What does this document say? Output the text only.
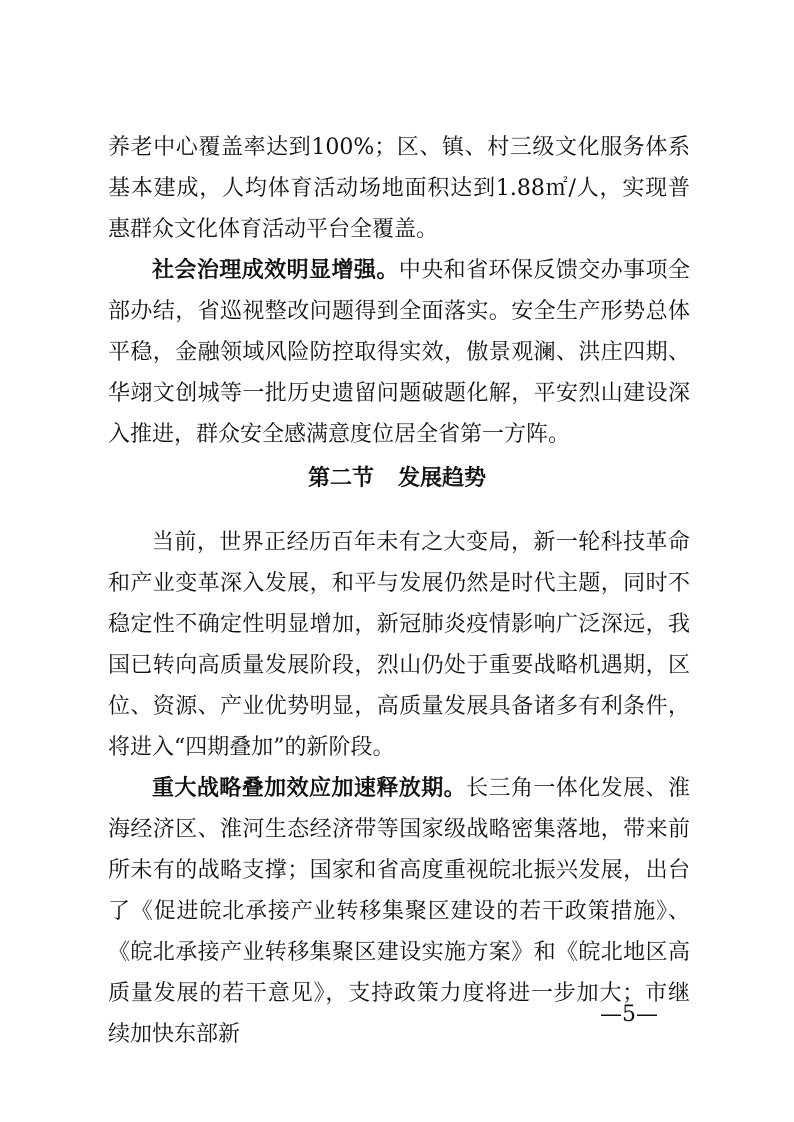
养老中心覆盖率达到100%；区、镇、村三级文化服务体系基本建成，人均体育活动场地面积达到1.88㎡/人，实现普惠群众文化体育活动平台全覆盖。

社会治理成效明显增强。中央和省环保反馈交办事项全部办结，省巡视整改问题得到全面落实。安全生产形势总体平稳，金融领域风险防控取得实效，傲景观澜、洪庄四期、华翊文创城等一批历史遗留问题破题化解，平安烈山建设深入推进，群众安全感满意度位居全省第一方阵。

第二节 发展趋势

当前，世界正经历百年未有之大变局，新一轮科技革命和产业变革深入发展，和平与发展仍然是时代主题，同时不稳定性不确定性明显增加，新冠肺炎疫情影响广泛深远，我国已转向高质量发展阶段，烈山仍处于重要战略机遇期，区位、资源、产业优势明显，高质量发展具备诸多有利条件，将进入“四期叠加”的新阶段。

重大战略叠加效应加速释放期。长三角一体化发展、淮海经济区、淮河生态经济带等国家级战略密集落地，带来前所未有的战略支撑；国家和省高度重视皖北振兴发展，出台了《促进皖北承接产业转移集聚区建设的若干政策措施》、《皖北承接产业转移集聚区建设实施方案》和《皖北地区高质量发展的若干意见》，支持政策力度将进一步加大；市继续加快东部新

—5—
